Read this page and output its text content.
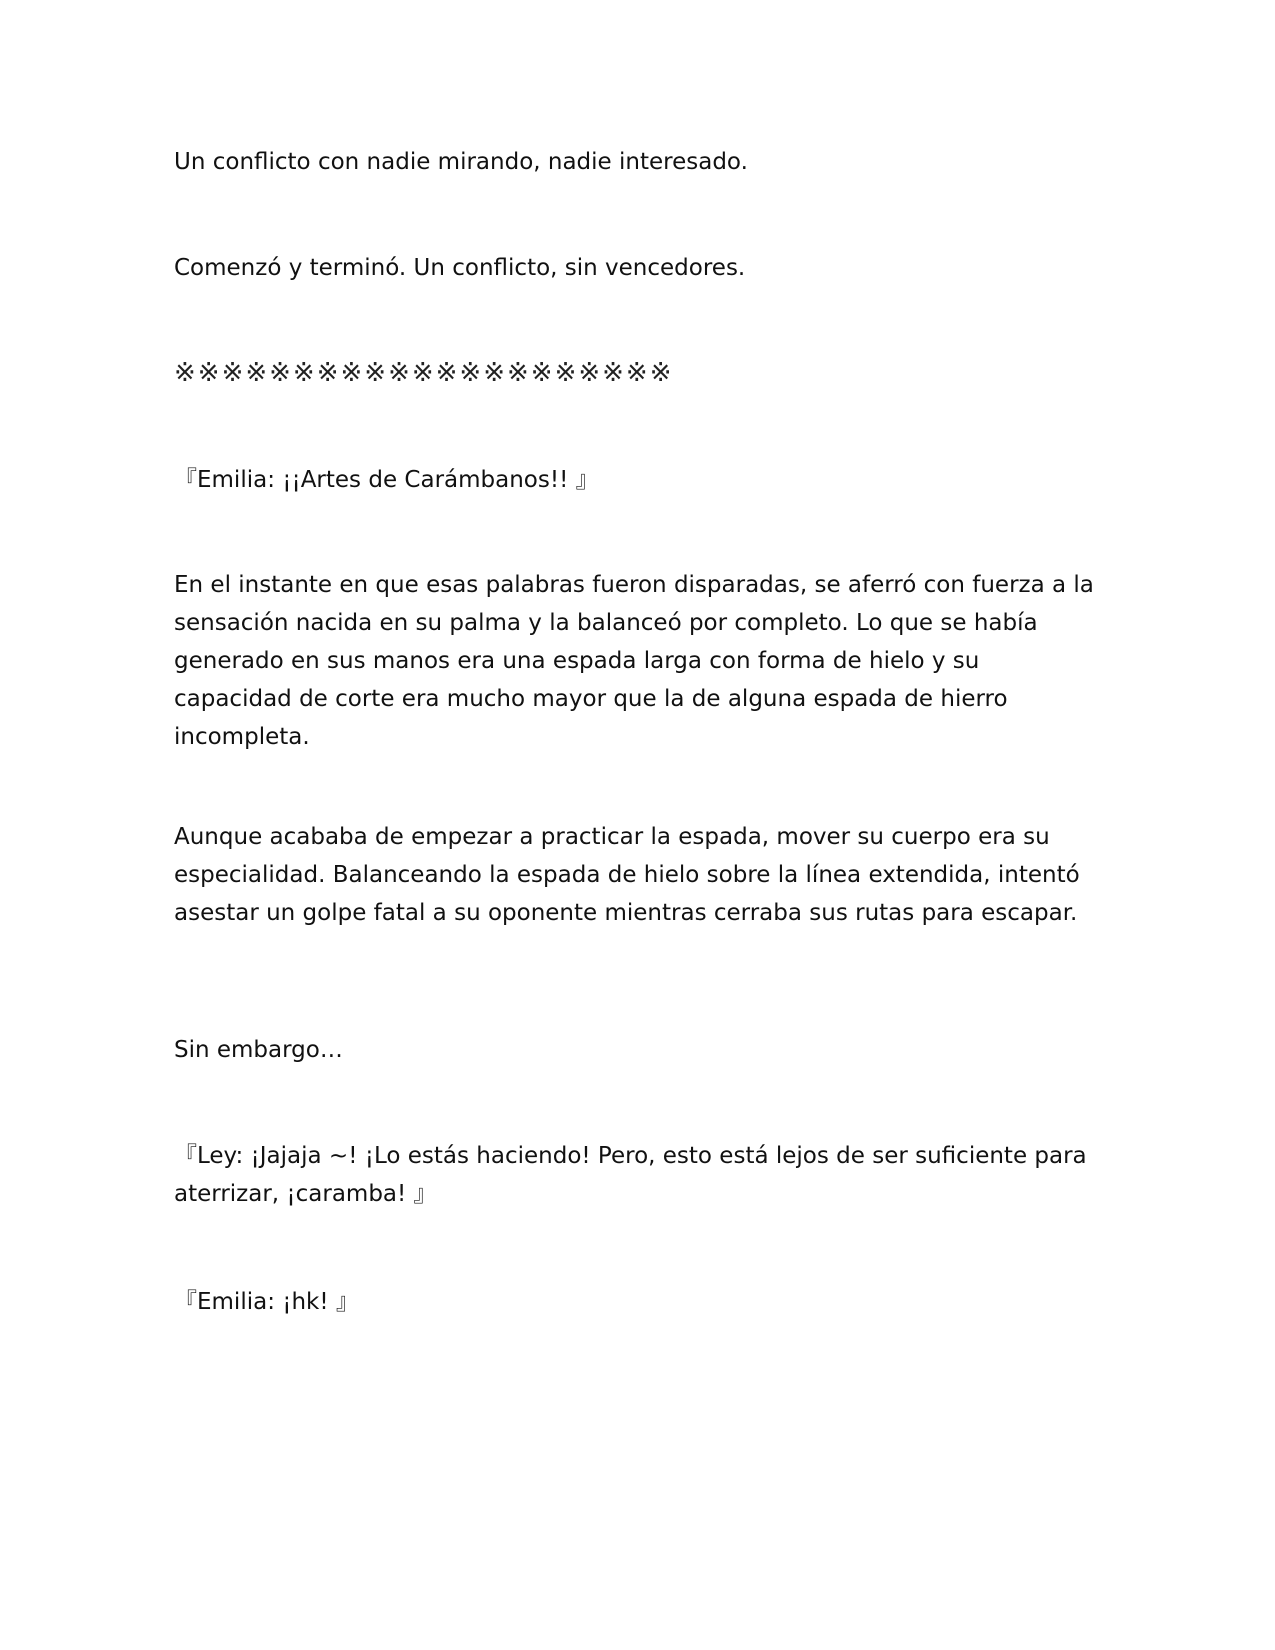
Un conflicto con nadie mirando, nadie interesado.

Comenzó y terminó. Un conflicto, sin vencedores.

※※※※※※※※※※※※※※※※※※※※※

『Emilia: ¡¡Artes de Carámbanos!! 』

En el instante en que esas palabras fueron disparadas, se aferró con fuerza a la sensación nacida en su palma y la balanceó por completo. Lo que se había generado en sus manos era una espada larga con forma de hielo y su capacidad de corte era mucho mayor que la de alguna espada de hierro incompleta.

Aunque acababa de empezar a practicar la espada, mover su cuerpo era su especialidad. Balanceando la espada de hielo sobre la línea extendida, intentó asestar un golpe fatal a su oponente mientras cerraba sus rutas para escapar.

Sin embargo…

『Ley: ¡Jajaja ~! ¡Lo estás haciendo! Pero, esto está lejos de ser suficiente para aterrizar, ¡caramba! 』

『Emilia: ¡hk! 』
